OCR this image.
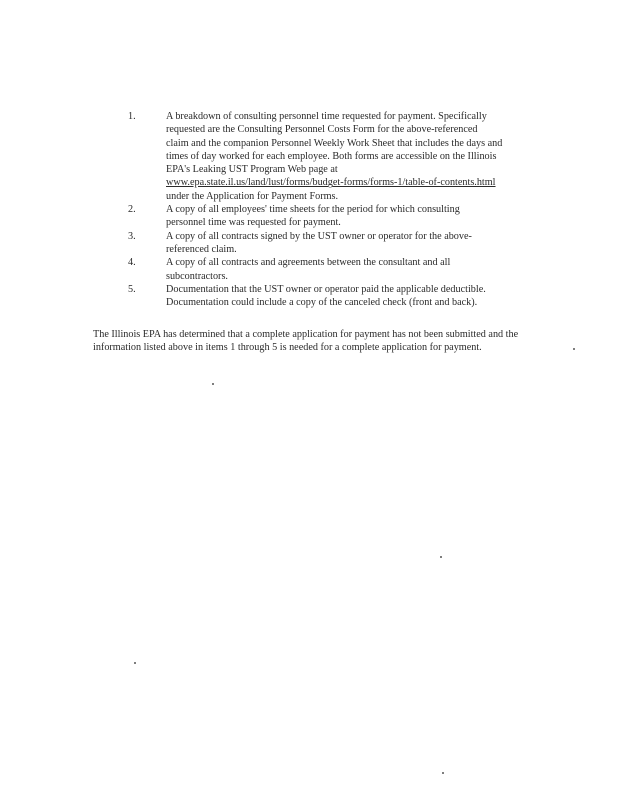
1.	A breakdown of consulting personnel time requested for payment. Specifically
requested are the Consulting Personnel Costs Form for the above-referenced
claim and the companion Personnel Weekly Work Sheet that includes the days and
times of day worked for each employee. Both forms are accessible on the Illinois
EPA's Leaking UST Program Web page at
www.epa.state.il.us/land/lust/forms/budget-forms/forms-1/table-of-contents.html
under the Application for Payment Forms.
2.	A copy of all employees' time sheets for the period for which consulting
personnel time was requested for payment.
3.	A copy of all contracts signed by the UST owner or operator for the above-
referenced claim.
4.	A copy of all contracts and agreements between the consultant and all
subcontractors.
5.	Documentation that the UST owner or operator paid the applicable deductible.
Documentation could include a copy of the canceled check (front and back).

The Illinois EPA has determined that a complete application for payment has not been submitted and the information listed above in items 1 through 5 is needed for a complete application for payment.
